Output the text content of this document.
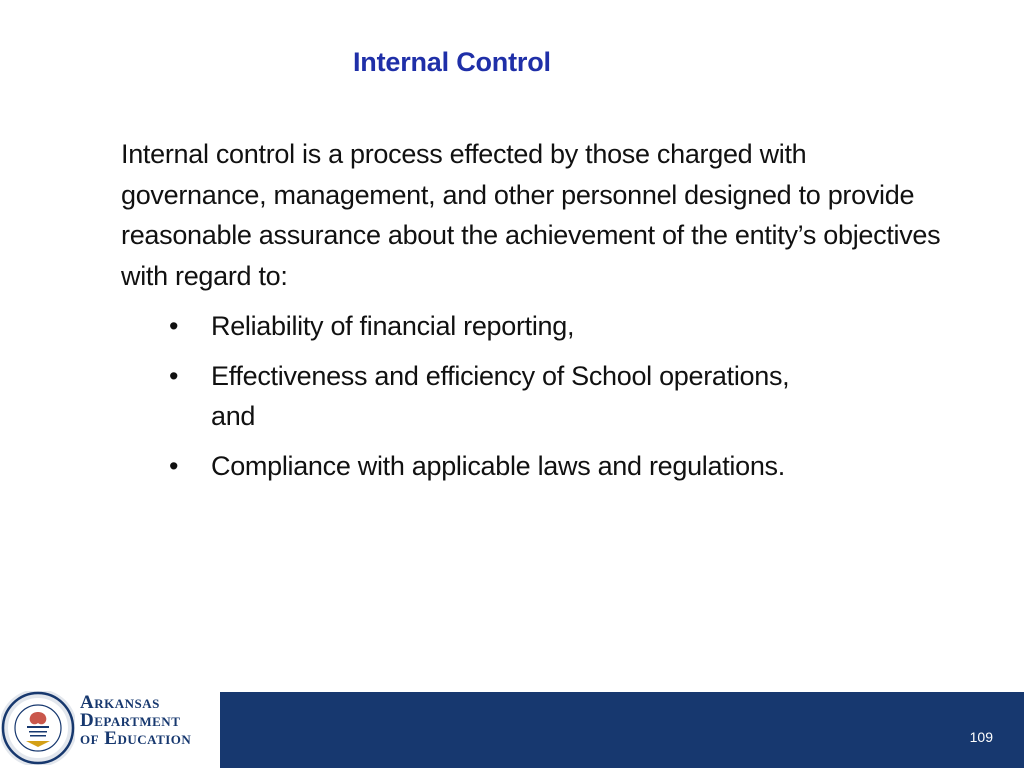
Internal Control

Internal control is a process effected by those charged with governance, management, and other personnel designed to provide reasonable assurance about the achievement of the entity’s objectives with regard to:

• Reliability of financial reporting,
• Effectiveness and efficiency of School operations, and
• Compliance with applicable laws and regulations.
Arkansas
Department
of Education	109
